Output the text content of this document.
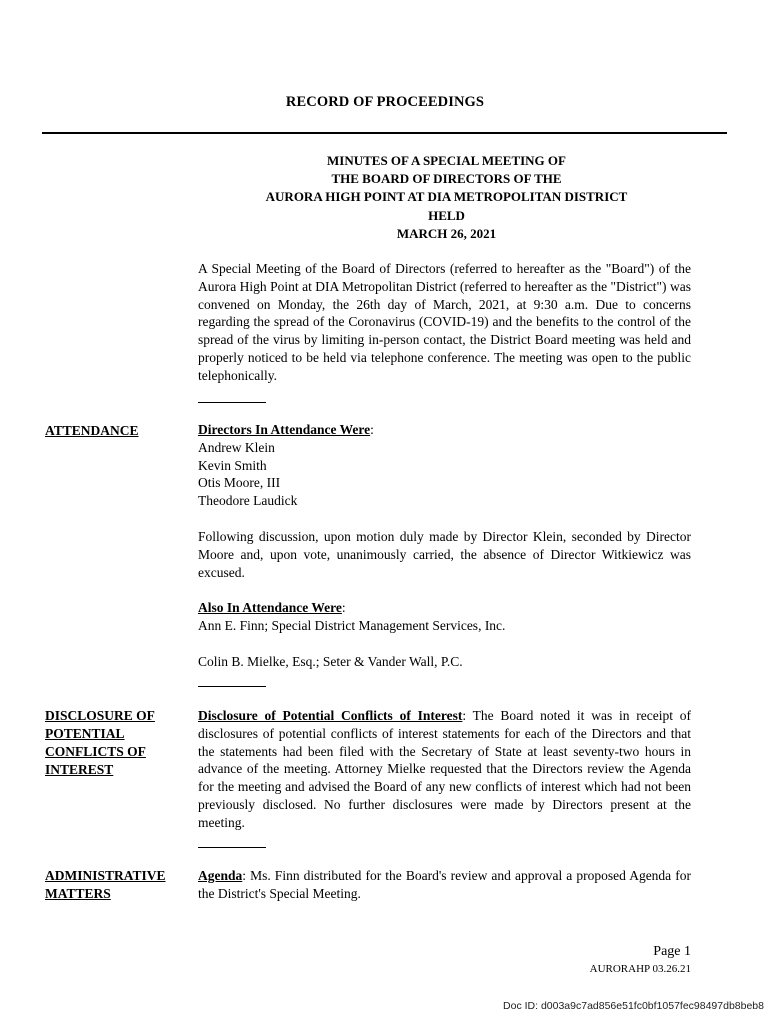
RECORD OF PROCEEDINGS
MINUTES OF A SPECIAL MEETING OF
THE BOARD OF DIRECTORS OF THE
AURORA HIGH POINT AT DIA METROPOLITAN DISTRICT
HELD
MARCH 26, 2021
A Special Meeting of the Board of Directors (referred to hereafter as the "Board") of the Aurora High Point at DIA Metropolitan District (referred to hereafter as the "District") was convened on Monday, the 26th day of March, 2021, at 9:30 a.m. Due to concerns regarding the spread of the Coronavirus (COVID-19) and the benefits to the control of the spread of the virus by limiting in-person contact, the District Board meeting was held and properly noticed to be held via telephone conference. The meeting was open to the public telephonically.
ATTENDANCE	Directors In Attendance Were:
Andrew Klein
Kevin Smith
Otis Moore, III
Theodore Laudick
Following discussion, upon motion duly made by Director Klein, seconded by Director Moore and, upon vote, unanimously carried, the absence of Director Witkiewicz was excused.
Also In Attendance Were:
Ann E. Finn; Special District Management Services, Inc.
Colin B. Mielke, Esq.; Seter & Vander Wall, P.C.
DISCLOSURE OF
POTENTIAL
CONFLICTS OF
INTEREST
Disclosure of Potential Conflicts of Interest: The Board noted it was in receipt of disclosures of potential conflicts of interest statements for each of the Directors and that the statements had been filed with the Secretary of State at least seventy-two hours in advance of the meeting. Attorney Mielke requested that the Directors review the Agenda for the meeting and advised the Board of any new conflicts of interest which had not been previously disclosed. No further disclosures were made by Directors present at the meeting.
ADMINISTRATIVE
MATTERS
Agenda: Ms. Finn distributed for the Board's review and approval a proposed Agenda for the District's Special Meeting.
Page 1
AURORAHP 03.26.21
Doc ID: d003a9c7ad856e51fc0bf1057fec98497db8beb8
